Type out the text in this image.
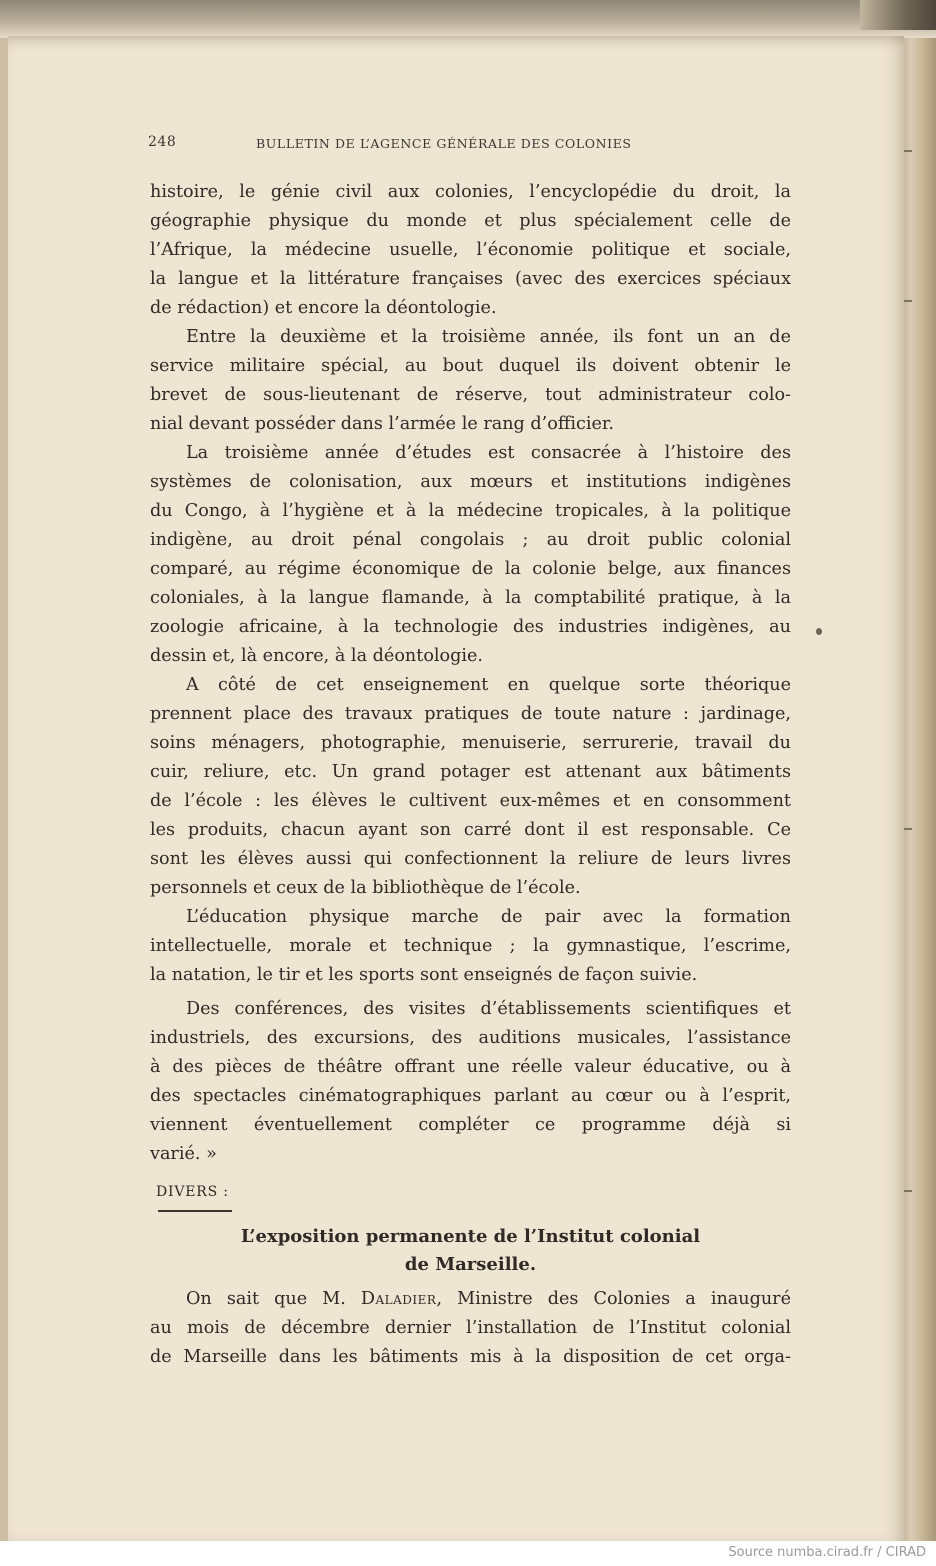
248	BULLETIN DE L’AGENCE GÉNÉRALE DES COLONIES

histoire, le génie civil aux colonies, l’encyclopédie du droit, la

géographie physique du monde et plus spécialement celle de

l’Afrique, la médecine usuelle, l’économie politique et sociale,

la langue et la littérature françaises (avec des exercices spéciaux

de rédaction) et encore la déontologie.

Entre la deuxième et la troisième année, ils font un an de

service militaire spécial, au bout duquel ils doivent obtenir le

brevet de sous-lieutenant de réserve, tout administrateur colo-

nial devant posséder dans l’armée le rang d’officier.

La troisième année d’études est consacrée à l’histoire des

systèmes de colonisation, aux mœurs et institutions indigènes

du Congo, à l’hygiène et à la médecine tropicales, à la politique

indigène, au droit pénal congolais ; au droit public colonial

comparé, au régime économique de la colonie belge, aux finances

coloniales, à la langue flamande, à la comptabilité pratique, à la

zoologie africaine, à la technologie des industries indigènes, au

dessin et, là encore, à la déontologie.

A côté de cet enseignement en quelque sorte théorique

prennent place des travaux pratiques de toute nature : jardinage,

soins ménagers, photographie, menuiserie, serrurerie, travail du

cuir, reliure, etc. Un grand potager est attenant aux bâtiments

de l’école : les élèves le cultivent eux-mêmes et en consomment

les produits, chacun ayant son carré dont il est responsable. Ce

sont les élèves aussi qui confectionnent la reliure de leurs livres

personnels et ceux de la bibliothèque de l’école.

L’éducation physique marche de pair avec la formation

intellectuelle, morale et technique ; la gymnastique, l’escrime,

la natation, le tir et les sports sont enseignés de façon suivie.

Des conférences, des visites d’établissements scientifiques et

industriels, des excursions, des auditions musicales, l’assistance

à des pièces de théâtre offrant une réelle valeur éducative, ou à

des spectacles cinématographiques parlant au cœur ou à l’esprit,

viennent éventuellement compléter ce programme déjà si

varié. »

DIVERS :
L’exposition permanente de l’Institut colonial
de Marseille.

On sait que M. Daladier, Ministre des Colonies a inauguré

au mois de décembre dernier l’installation de l’Institut colonial

de Marseille dans les bâtiments mis à la disposition de cet orga-

Source numba.cirad.fr / CIRAD
